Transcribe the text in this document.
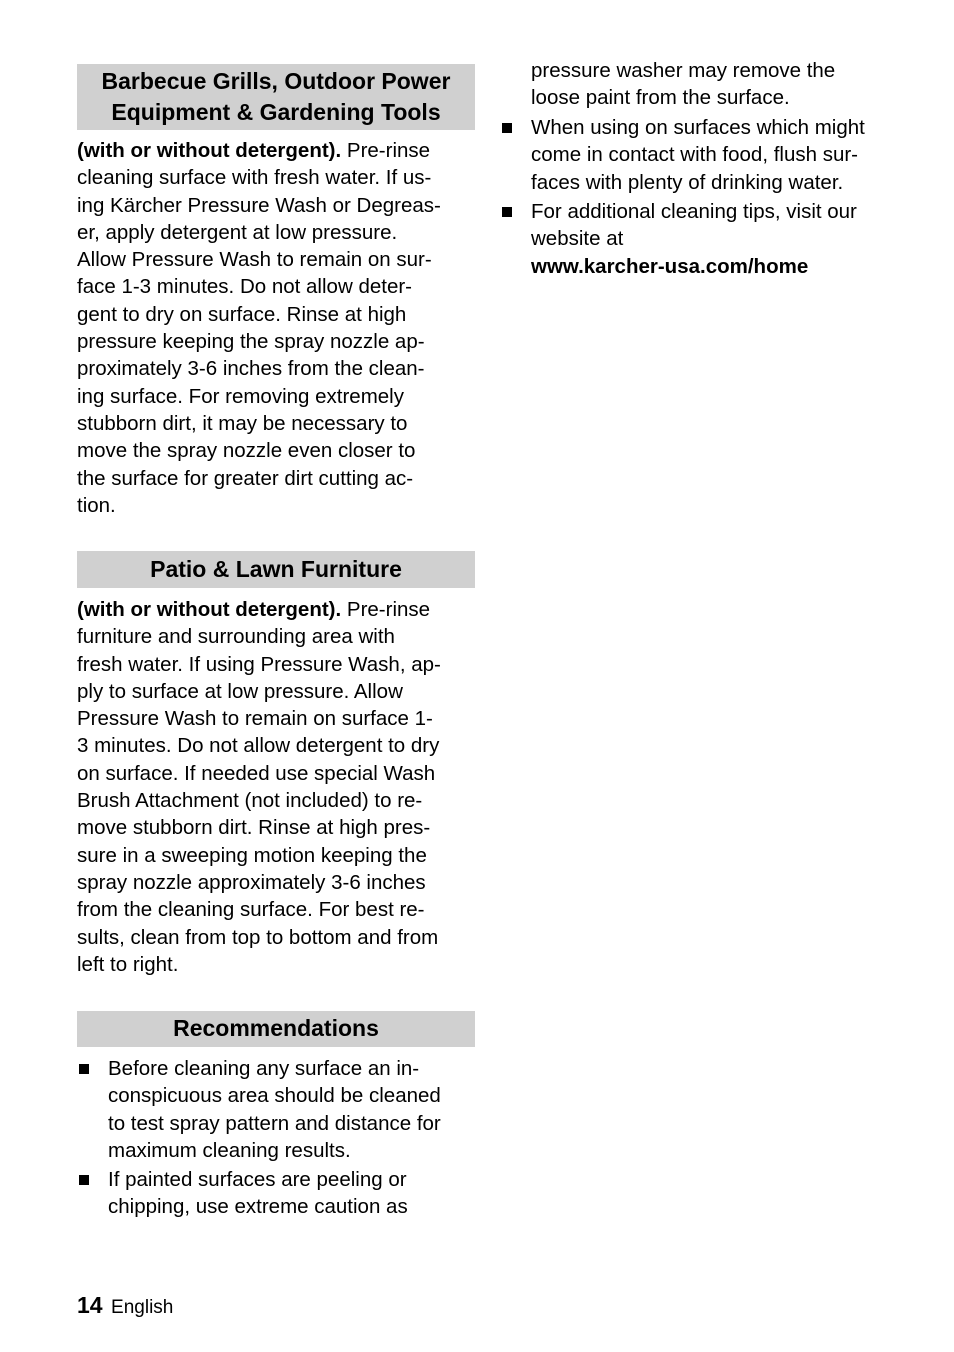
Barbecue Grills, Outdoor Power
Equipment & Gardening Tools
(with or without detergent). Pre-rinse
cleaning surface with fresh water. If us-
ing Kärcher Pressure Wash or Degreas-
er, apply detergent at low pressure.
Allow Pressure Wash to remain on sur-
face 1-3 minutes. Do not allow deter-
gent to dry on surface. Rinse at high
pressure keeping the spray nozzle ap-
proximately 3-6 inches from the clean-
ing surface. For removing extremely
stubborn dirt, it may be necessary to
move the spray nozzle even closer to
the surface for greater dirt cutting ac-
tion.
Patio & Lawn Furniture
(with or without detergent). Pre-rinse
furniture and surrounding area with
fresh water. If using Pressure Wash, ap-
ply to surface at low pressure. Allow
Pressure Wash to remain on surface 1-
3 minutes. Do not allow detergent to dry
on surface. If needed use special Wash
Brush Attachment (not included) to re-
move stubborn dirt. Rinse at high pres-
sure in a sweeping motion keeping the
spray nozzle approximately 3-6 inches
from the cleaning surface. For best re-
sults, clean from top to bottom and from
left to right.
Recommendations
Before cleaning any surface an in-
conspicuous area should be cleaned
to test spray pattern and distance for
maximum cleaning results.
If painted surfaces are peeling or
chipping, use extreme caution as
pressure washer may remove the
loose paint from the surface.
When using on surfaces which might
come in contact with food, flush sur-
faces with plenty of drinking water.
For additional cleaning tips, visit our
website at
www.karcher-usa.com/home
14 English
